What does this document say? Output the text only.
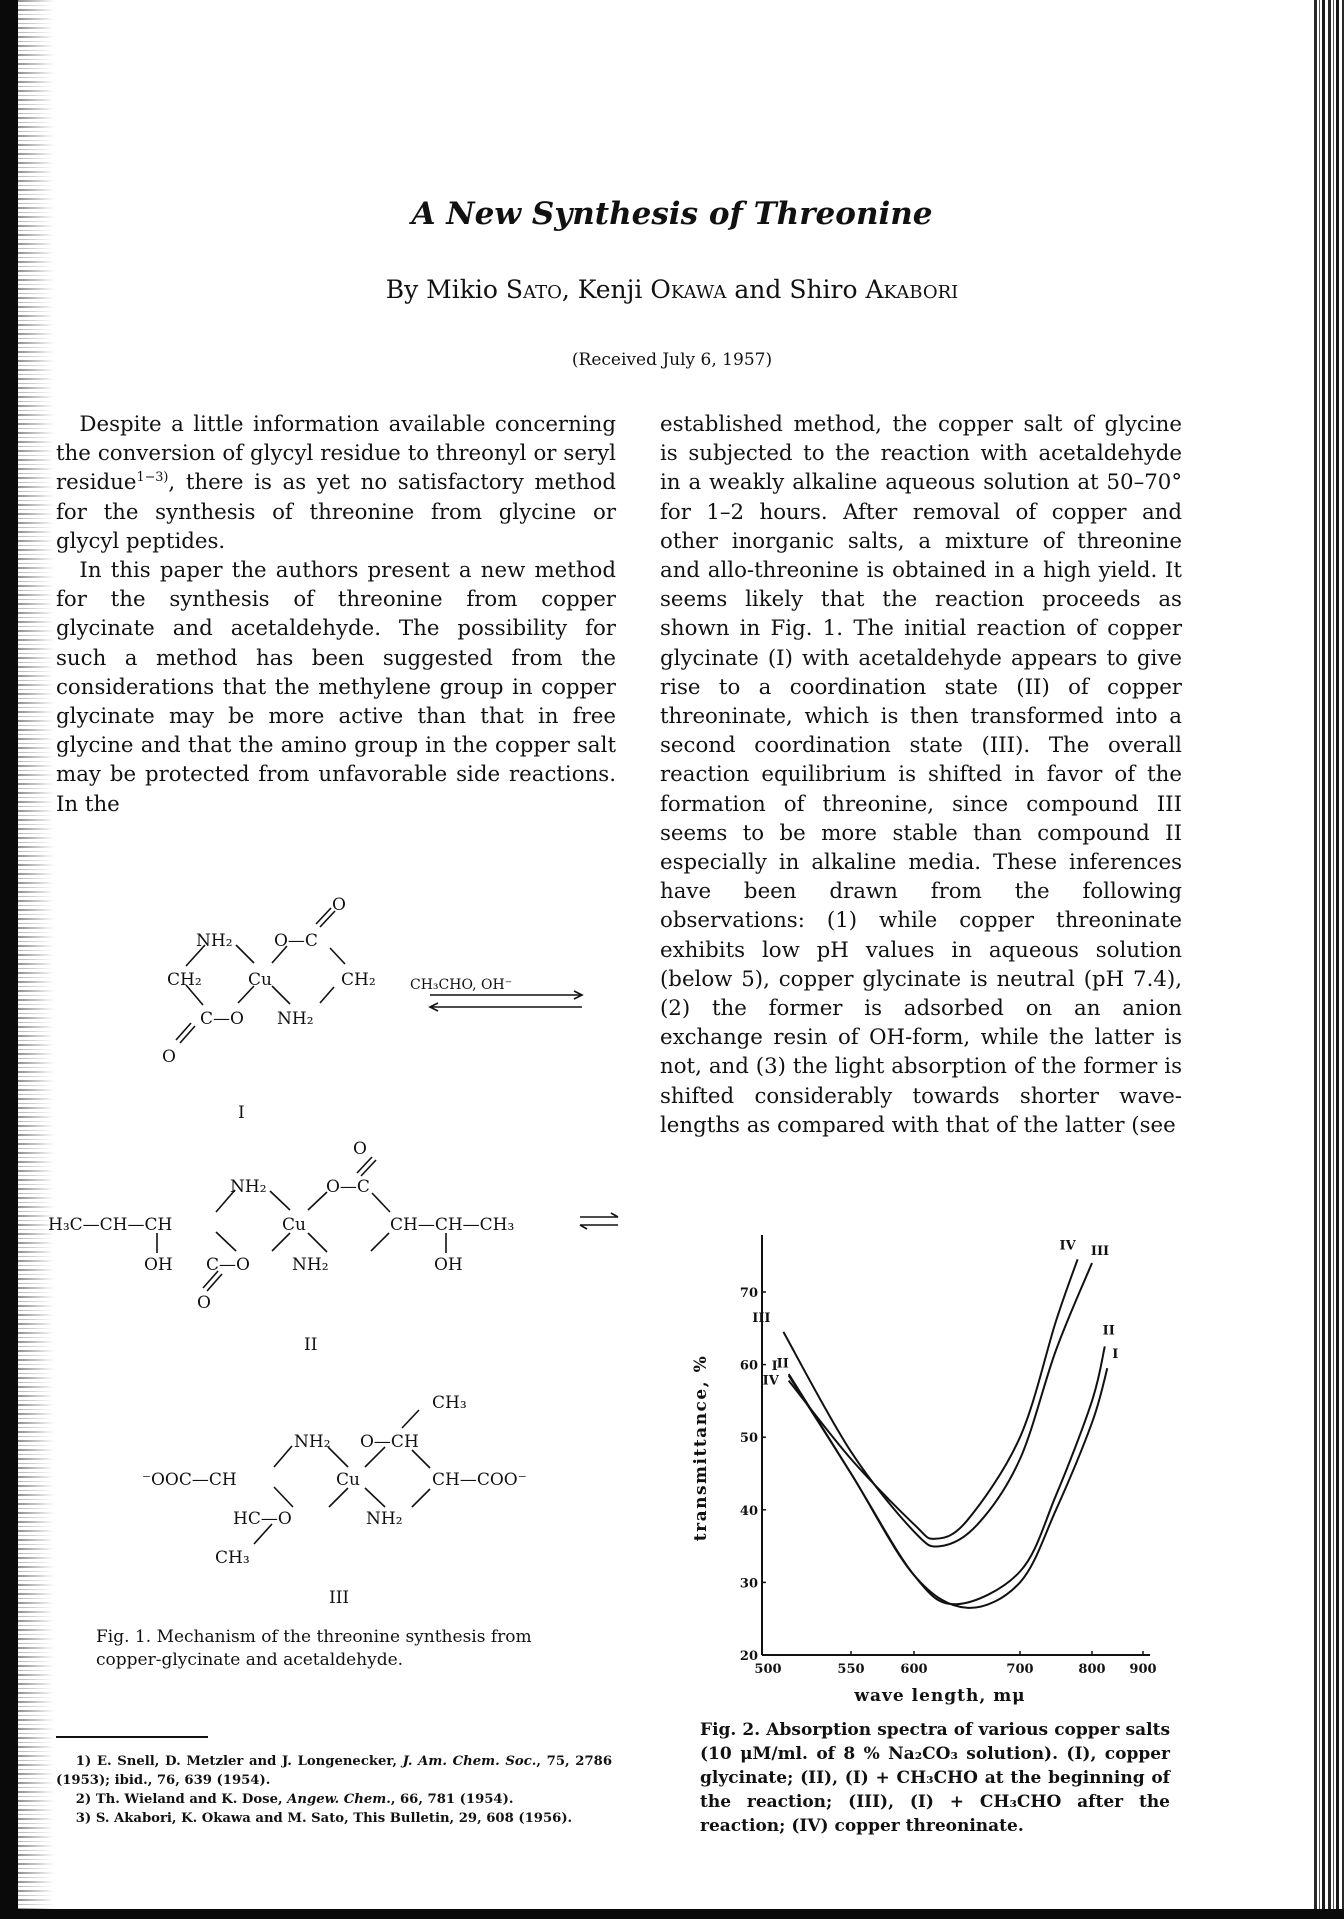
A New Synthesis of Threonine
By Mikio Sato, Kenji Okawa and Shiro Akabori
(Received July 6, 1957)

Despite a little information available concerning the conversion of glycyl residue to threonyl or seryl residue$^{1-3)}$, there is as yet no satisfactory method for the synthesis of threonine from glycine or glycyl peptides.

In this paper the authors present a new method for the synthesis of threonine from copper glycinate and acetaldehyde. The possibility for such a method has been suggested from the considerations that the methylene group in copper glycinate may be more active than that in free glycine and that the amino group in the copper salt may be protected from unfavorable side reactions. In the

established method, the copper salt of glycine is subjected to the reaction with acetaldehyde in a weakly alkaline aqueous solution at 50–70° for 1–2 hours. After removal of copper and other inorganic salts, a mixture of threonine and allo-threonine is obtained in a high yield. It seems likely that the reaction proceeds as shown in Fig. 1. The initial reaction of copper glycinate (I) with acetaldehyde appears to give rise to a coordination state (II) of copper threoninate, which is then transformed into a second coordination state (III). The overall reaction equilibrium is shifted in favor of the formation of threonine, since compound III seems to be more stable than compound II especially in alkaline media. These inferences have been drawn from the following observations: (1) while copper threoninate exhibits low pH values in aqueous solution (below 5), copper glycinate is neutral (pH 7.4), (2) the former is adsorbed on an anion exchange resin of OH-form, while the latter is not, and (3) the light absorption of the former is shifted considerably towards shorter wave-lengths as compared with that of the latter (see

O
NH₂ O—C
CH₂	Cu	CH₂
C—O NH₂
O
CH₃CHO, OH⁻
I
O
NH₂	O—C
H₃C—CH—CH	Cu	CH—CH—CH₃
OH C—O NH₂	OH
O
II
CH₃
NH₂ O—CH
⁻OOC—CH	Cu	CH—COO⁻
HC—O	NH₂
CH₃
III
Fig. 1. Mechanism of the threonine synthesis from copper-glycinate and acetaldehyde.

1) E. Snell, D. Metzler and J. Longenecker, J. Am. Chem. Soc., 75, 2786 (1953); ibid., 76, 639 (1954).

2) Th. Wieland and K. Dose, Angew. Chem., 66, 781 (1954).

3) S. Akabori, K. Okawa and M. Sato, This Bulletin, 29, 608 (1956).

20
30
40
50
60
70
500	550	600	700	800 900
I
I
II
II
III
III
IV
IV
transmittance, %
wave length, mμ
Fig. 2. Absorption spectra of various copper salts (10 μM/ml. of 8 % Na₂CO₃ solution). (I), copper glycinate; (II), (I) + CH₃CHO at the beginning of the reaction; (III), (I) + CH₃CHO after the reaction; (IV) copper threoninate.
